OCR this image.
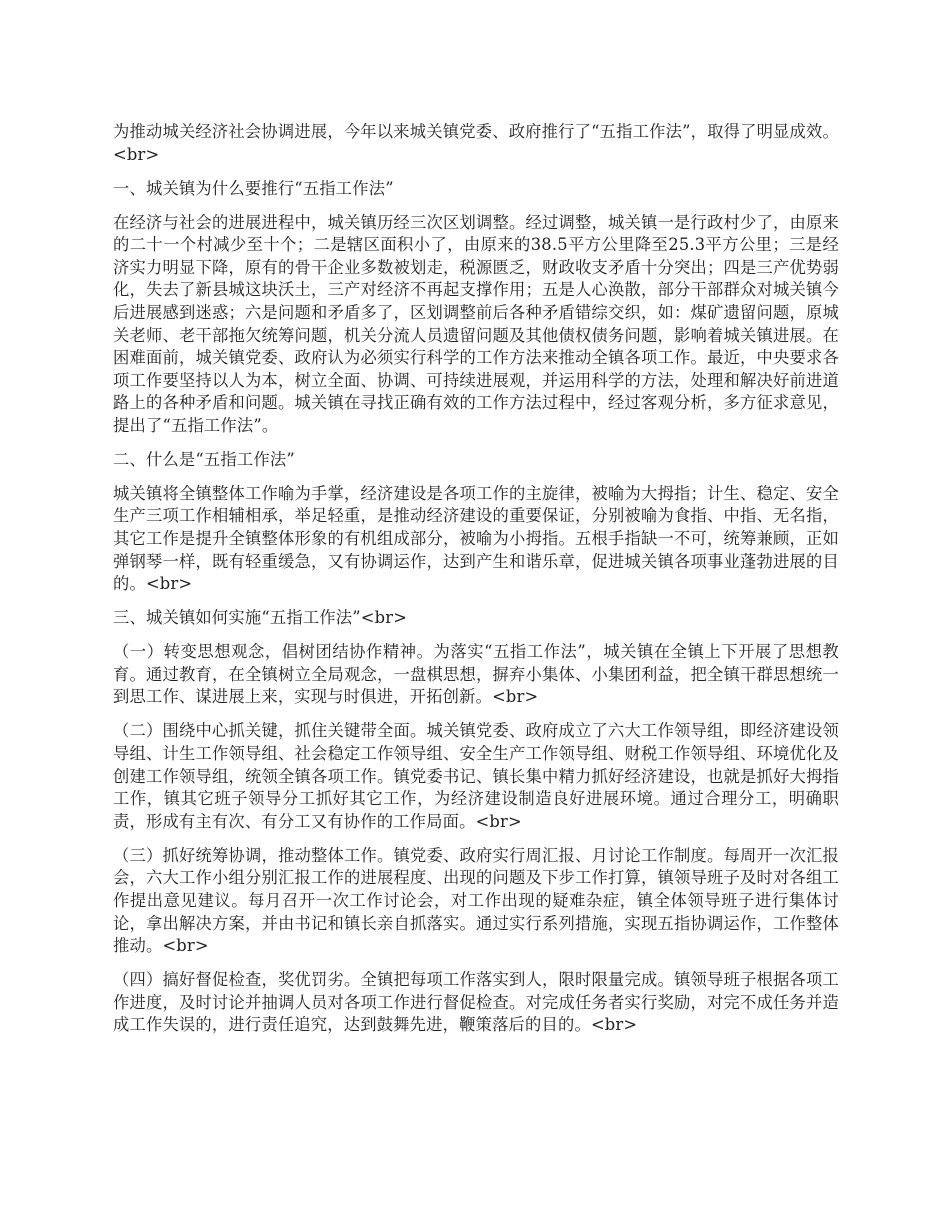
为推动城关经济社会协调进展，今年以来城关镇党委、政府推行了“五指工作法”，取得了明显成效。<br>

一、城关镇为什么要推行“五指工作法”

在经济与社会的进展进程中，城关镇历经三次区划调整。经过调整，城关镇一是行政村少了，由原来的二十一个村减少至十个；二是辖区面积小了，由原来的38.5平方公里降至25.3平方公里；三是经济实力明显下降，原有的骨干企业多数被划走，税源匮乏，财政收支矛盾十分突出；四是三产优势弱化，失去了新县城这块沃土，三产对经济不再起支撑作用；五是人心涣散，部分干部群众对城关镇今后进展感到迷惑；六是问题和矛盾多了，区划调整前后各种矛盾错综交织，如：煤矿遗留问题，原城关老师、老干部拖欠统筹问题，机关分流人员遗留问题及其他债权债务问题，影响着城关镇进展。在困难面前，城关镇党委、政府认为必须实行科学的工作方法来推动全镇各项工作。最近，中央要求各项工作要坚持以人为本，树立全面、协调、可持续进展观，并运用科学的方法，处理和解决好前进道路上的各种矛盾和问题。城关镇在寻找正确有效的工作方法过程中，经过客观分析，多方征求意见，提出了“五指工作法”。

二、什么是“五指工作法”

城关镇将全镇整体工作喻为手掌，经济建设是各项工作的主旋律，被喻为大拇指；计生、稳定、安全生产三项工作相辅相承，举足轻重，是推动经济建设的重要保证，分别被喻为食指、中指、无名指，其它工作是提升全镇整体形象的有机组成部分，被喻为小拇指。五根手指缺一不可，统筹兼顾，正如弹钢琴一样，既有轻重缓急，又有协调运作，达到产生和谐乐章，促进城关镇各项事业蓬勃进展的目的。<br>

三、城关镇如何实施“五指工作法”<br>

（一）转变思想观念，倡树团结协作精神。为落实“五指工作法”，城关镇在全镇上下开展了思想教育。通过教育，在全镇树立全局观念，一盘棋思想，摒弃小集体、小集团利益，把全镇干群思想统一到思工作、谋进展上来，实现与时俱进，开拓创新。<br>

（二）围绕中心抓关键，抓住关键带全面。城关镇党委、政府成立了六大工作领导组，即经济建设领导组、计生工作领导组、社会稳定工作领导组、安全生产工作领导组、财税工作领导组、环境优化及创建工作领导组，统领全镇各项工作。镇党委书记、镇长集中精力抓好经济建设，也就是抓好大拇指工作，镇其它班子领导分工抓好其它工作，为经济建设制造良好进展环境。通过合理分工，明确职责，形成有主有次、有分工又有协作的工作局面。<br>

（三）抓好统筹协调，推动整体工作。镇党委、政府实行周汇报、月讨论工作制度。每周开一次汇报会，六大工作小组分别汇报工作的进展程度、出现的问题及下步工作打算，镇领导班子及时对各组工作提出意见建议。每月召开一次工作讨论会，对工作出现的疑难杂症，镇全体领导班子进行集体讨论，拿出解决方案，并由书记和镇长亲自抓落实。通过实行系列措施，实现五指协调运作，工作整体推动。<br>

（四）搞好督促检查，奖优罚劣。全镇把每项工作落实到人，限时限量完成。镇领导班子根据各项工作进度，及时讨论并抽调人员对各项工作进行督促检查。对完成任务者实行奖励，对完不成任务并造成工作失误的，进行责任追究，达到鼓舞先进，鞭策落后的目的。<br>
